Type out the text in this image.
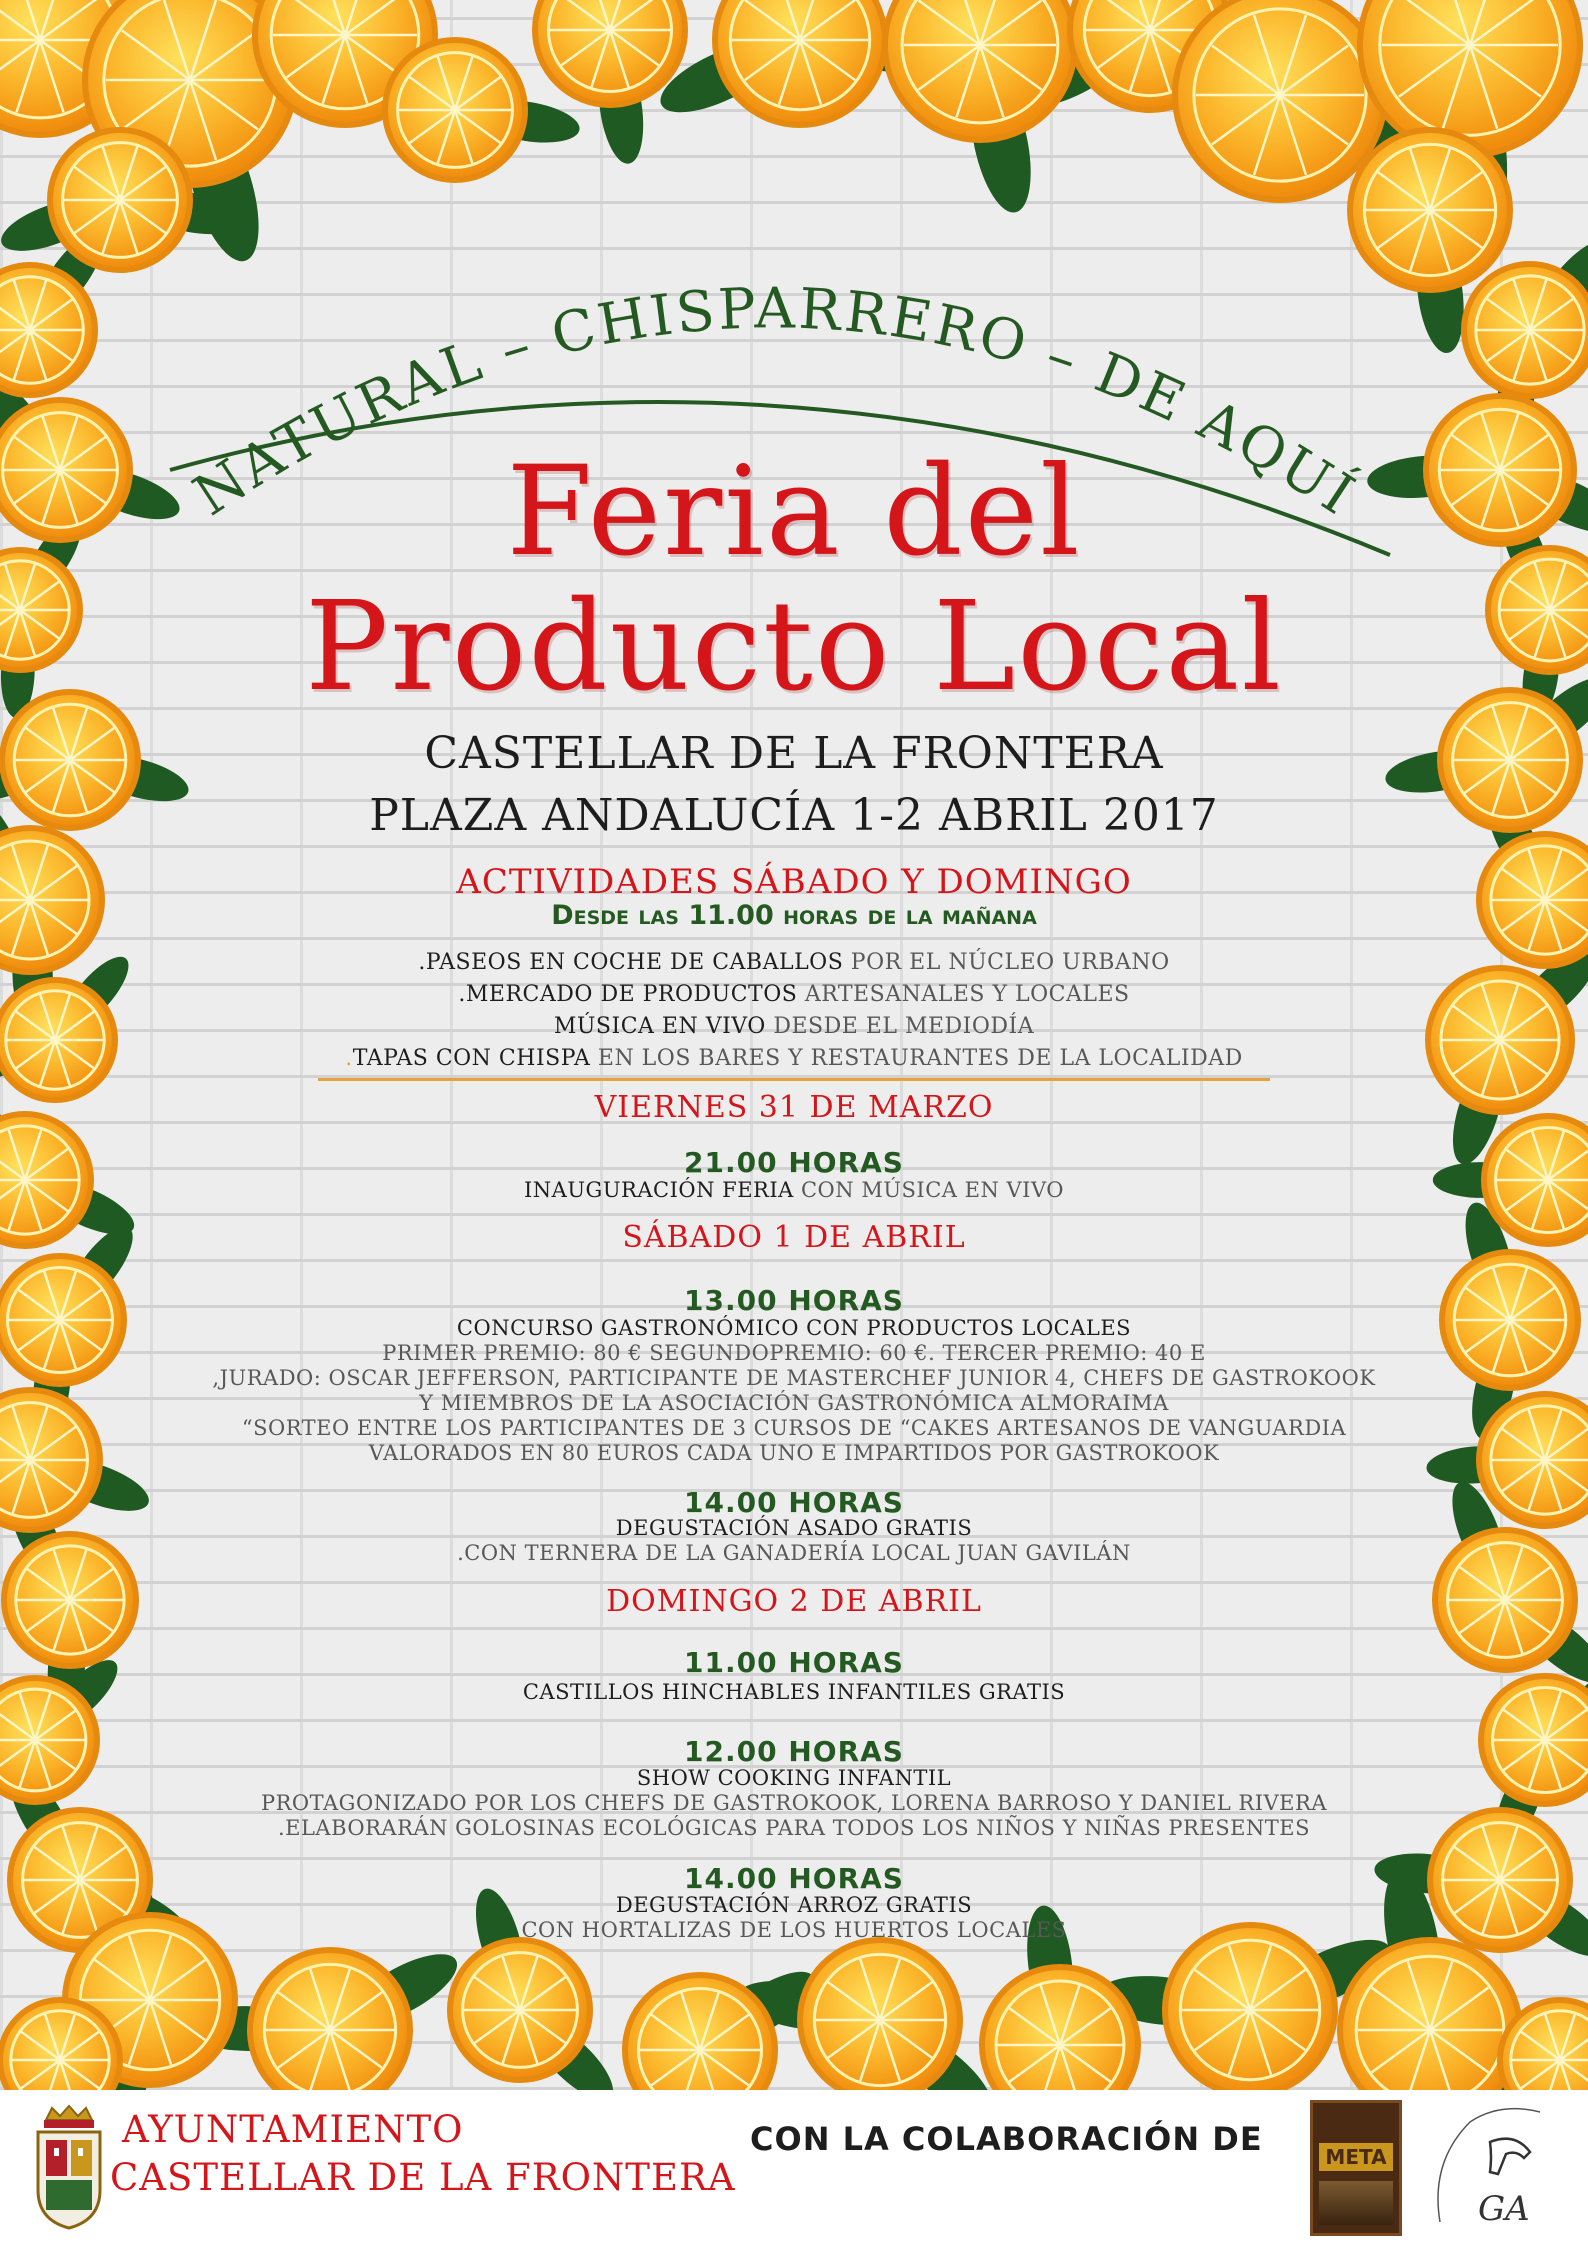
NATURAL – CHISPARRERO – DE AQUÍ
Feria del
Producto Local
CASTELLAR DE LA FRONTERA
PLAZA ANDALUCÍA 1-2 ABRIL 2017
ACTIVIDADES SÁBADO Y DOMINGO
Desde las 11.00 horas de la mañana
.PASEOS EN COCHE DE CABALLOS POR EL NÚCLEO URBANO
.MERCADO DE PRODUCTOS ARTESANALES Y LOCALES
MÚSICA EN VIVO DESDE EL MEDIODÍA
.TAPAS CON CHISPA EN LOS BARES Y RESTAURANTES DE LA LOCALIDAD
VIERNES 31 DE MARZO
21.00 HORAS
INAUGURACIÓN FERIA CON MÚSICA EN VIVO
SÁBADO 1 DE ABRIL
13.00 HORAS
CONCURSO GASTRONÓMICO CON PRODUCTOS LOCALES
PRIMER PREMIO: 80 € SEGUNDOPREMIO: 60 €. TERCER PREMIO: 40 E
,JURADO: OSCAR JEFFERSON, PARTICIPANTE DE MASTERCHEF JUNIOR 4, CHEFS DE GASTROKOOK
Y MIEMBROS DE LA ASOCIACIÓN GASTRONÓMICA ALMORAIMA
“SORTEO ENTRE LOS PARTICIPANTES DE 3 CURSOS DE “CAKES ARTESANOS DE VANGUARDIA
VALORADOS EN 80 EUROS CADA UNO E IMPARTIDOS POR GASTROKOOK
14.00 HORAS
DEGUSTACIÓN ASADO GRATIS
.CON TERNERA DE LA GANADERÍA LOCAL JUAN GAVILÁN
DOMINGO 2 DE ABRIL
11.00 HORAS
CASTILLOS HINCHABLES INFANTILES GRATIS
12.00 HORAS
SHOW COOKING INFANTIL
PROTAGONIZADO POR LOS CHEFS DE GASTROKOOK, LORENA BARROSO Y DANIEL RIVERA
.ELABORARÁN GOLOSINAS ECOLÓGICAS PARA TODOS LOS NIÑOS Y NIÑAS PRESENTES
14.00 HORAS
DEGUSTACIÓN ARROZ GRATIS
CON HORTALIZAS DE LOS HUERTOS LOCALES
AYUNTAMIENTO
CASTELLAR DE LA FRONTERA
CON LA COLABORACIÓN DE	META
GA
